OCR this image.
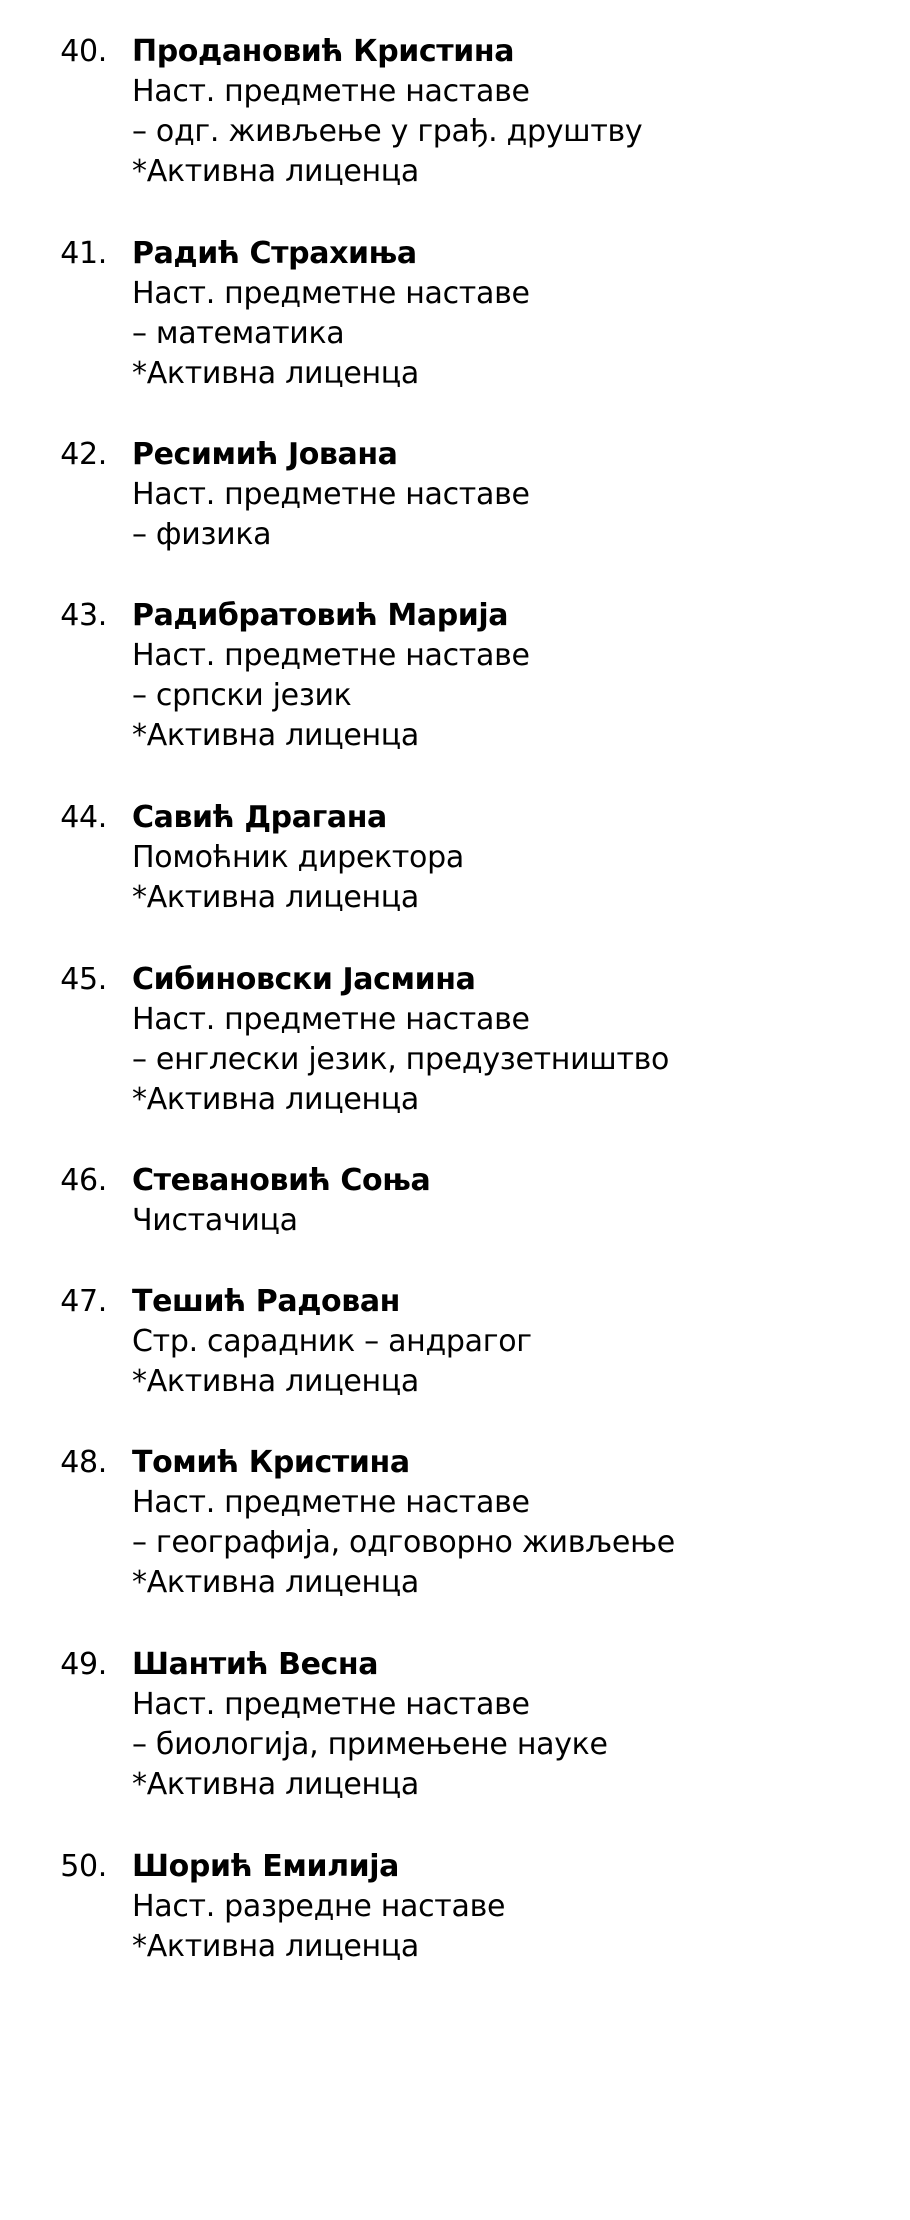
40. Продановић Кристина
Наст. предметне наставе
– одг. живљење у грађ. друштву
*Активна лиценца
41. Радић Страхиња
Наст. предметне наставе
– математика
*Активна лиценца
42. Ресимић Јована
Наст. предметне наставе
– физика
43. Радибратовић Марија
Наст. предметне наставе
– српски језик
*Активна лиценца
44. Савић Драгана
Помоћник директора
*Активна лиценца
45. Сибиновски Јасмина
Наст. предметне наставе
– енглески језик, предузетништво
*Активна лиценца
46. Стевановић Соња
Чистачица
47. Тешић Радован
Стр. сарадник – андрагог
*Активна лиценца
48. Томић Кристина
Наст. предметне наставе
– географија, одговорно живљење
*Активна лиценца
49. Шантић Весна
Наст. предметне наставе
– биологија, примењене науке
*Активна лиценца
50. Шорић Емилија
Наст. разредне наставе
*Активна лиценца
